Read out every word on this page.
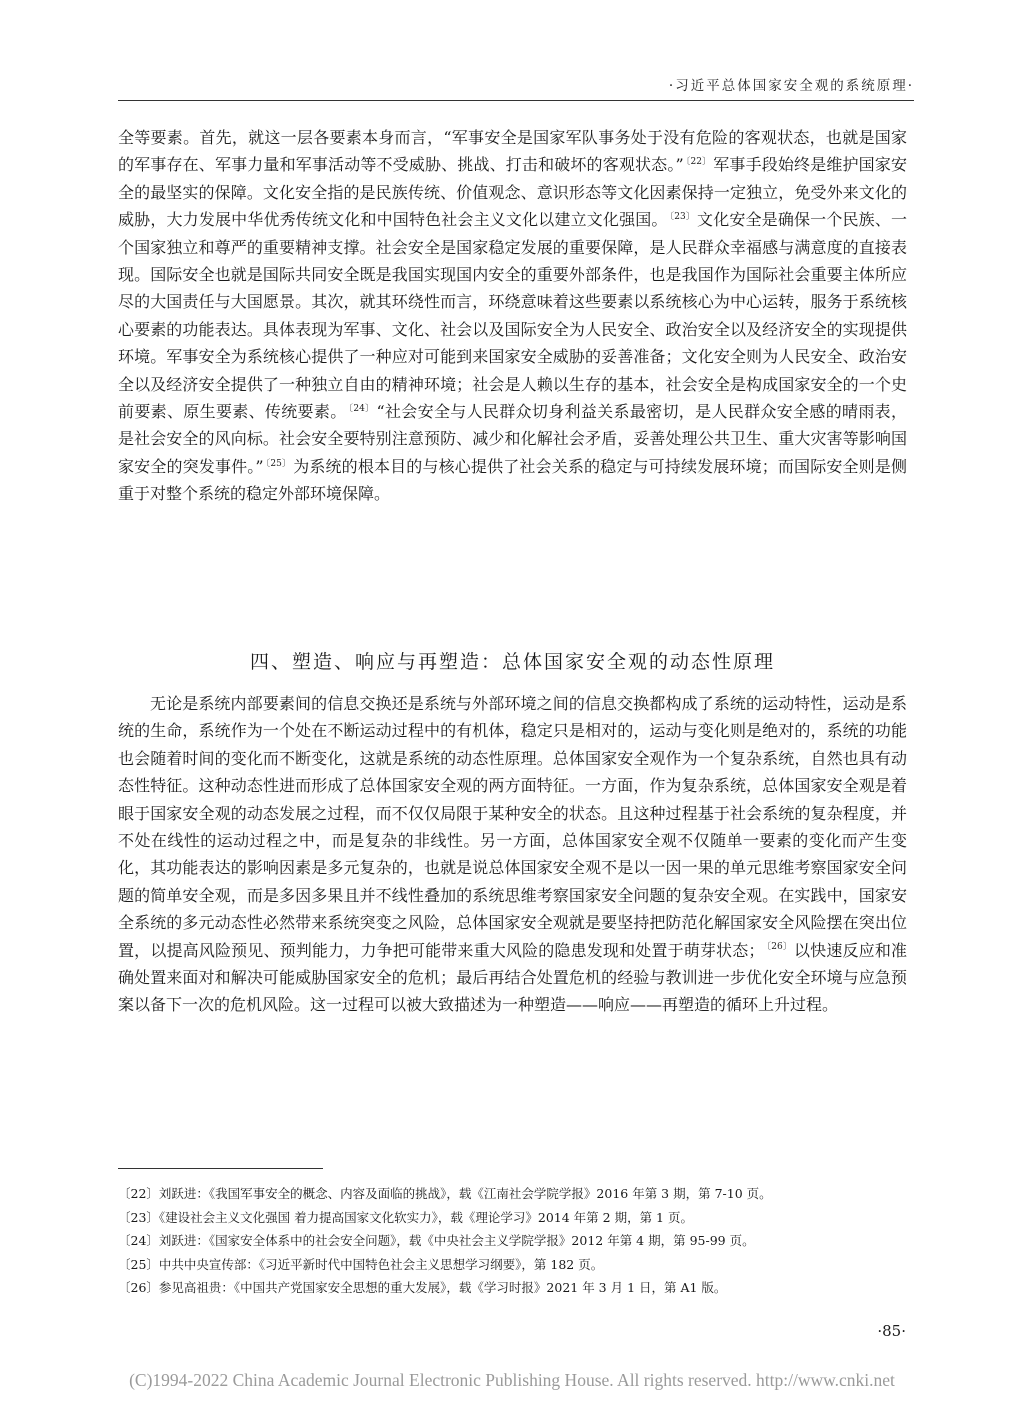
·习近平总体国家安全观的系统原理·

全等要素。首先，就这一层各要素本身而言，“军事安全是国家军队事务处于没有危险的客观状态，也就是国家的军事存在、军事力量和军事活动等不受威胁、挑战、打击和破坏的客观状态。” $^{〔22〕}$ 军事手段始终是维护国家安全的最坚实的保障。文化安全指的是民族传统、价值观念、意识形态等文化因素保持一定独立，免受外来文化的威胁，大力发展中华优秀传统文化和中国特色社会主义文化以建立文化强国。 $^{〔23〕}$ 文化安全是确保一个民族、一个国家独立和尊严的重要精神支撑。社会安全是国家稳定发展的重要保障，是人民群众幸福感与满意度的直接表现。国际安全也就是国际共同安全既是我国实现国内安全的重要外部条件，也是我国作为国际社会重要主体所应尽的大国责任与大国愿景。其次，就其环绕性而言，环绕意味着这些要素以系统核心为中心运转，服务于系统核心要素的功能表达。具体表现为军事、文化、社会以及国际安全为人民安全、政治安全以及经济安全的实现提供环境。军事安全为系统核心提供了一种应对可能到来国家安全威胁的妥善准备；文化安全则为人民安全、政治安全以及经济安全提供了一种独立自由的精神环境；社会是人赖以生存的基本，社会安全是构成国家安全的一个史前要素、原生要素、传统要素。 $^{〔24〕}$ “社会安全与人民群众切身利益关系最密切，是人民群众安全感的晴雨表，是社会安全的风向标。社会安全要特别注意预防、减少和化解社会矛盾，妥善处理公共卫生、重大灾害等影响国家安全的突发事件。” $^{〔25〕}$ 为系统的根本目的与核心提供了社会关系的稳定与可持续发展环境；而国际安全则是侧重于对整个系统的稳定外部环境保障。

四、塑造、响应与再塑造：总体国家安全观的动态性原理

无论是系统内部要素间的信息交换还是系统与外部环境之间的信息交换都构成了系统的运动特性，运动是系统的生命，系统作为一个处在不断运动过程中的有机体，稳定只是相对的，运动与变化则是绝对的，系统的功能也会随着时间的变化而不断变化，这就是系统的动态性原理。总体国家安全观作为一个复杂系统，自然也具有动态性特征。这种动态性进而形成了总体国家安全观的两方面特征。一方面，作为复杂系统，总体国家安全观是着眼于国家安全观的动态发展之过程，而不仅仅局限于某种安全的状态。且这种过程基于社会系统的复杂程度，并不处在线性的运动过程之中，而是复杂的非线性。另一方面，总体国家安全观不仅随单一要素的变化而产生变化，其功能表达的影响因素是多元复杂的，也就是说总体国家安全观不是以一因一果的单元思维考察国家安全问题的简单安全观，而是多因多果且并不线性叠加的系统思维考察国家安全问题的复杂安全观。在实践中，国家安全系统的多元动态性必然带来系统突变之风险，总体国家安全观就是要坚持把防范化解国家安全风险摆在突出位置，以提高风险预见、预判能力，力争把可能带来重大风险的隐患发现和处置于萌芽状态； $^{〔26〕}$ 以快速反应和准确处置来面对和解决可能威胁国家安全的危机；最后再结合处置危机的经验与教训进一步优化安全环境与应急预案以备下一次的危机风险。这一过程可以被大致描述为一种塑造——响应——再塑造的循环上升过程。

〔22〕刘跃进：《我国军事安全的概念、内容及面临的挑战》，载《江南社会学院学报》2016 年第 3 期，第 7-10 页。
〔23〕《建设社会主义文化强国 着力提高国家文化软实力》，载《理论学习》2014 年第 2 期，第 1 页。
〔24〕刘跃进：《国家安全体系中的社会安全问题》，载《中央社会主义学院学报》2012 年第 4 期，第 95-99 页。
〔25〕中共中央宣传部：《习近平新时代中国特色社会主义思想学习纲要》，第 182 页。
〔26〕参见高祖贵：《中国共产党国家安全思想的重大发展》，载《学习时报》2021 年 3 月 1 日，第 A1 版。
·85·
(C)1994-2022 China Academic Journal Electronic Publishing House. All rights reserved. http://www.cnki.net
